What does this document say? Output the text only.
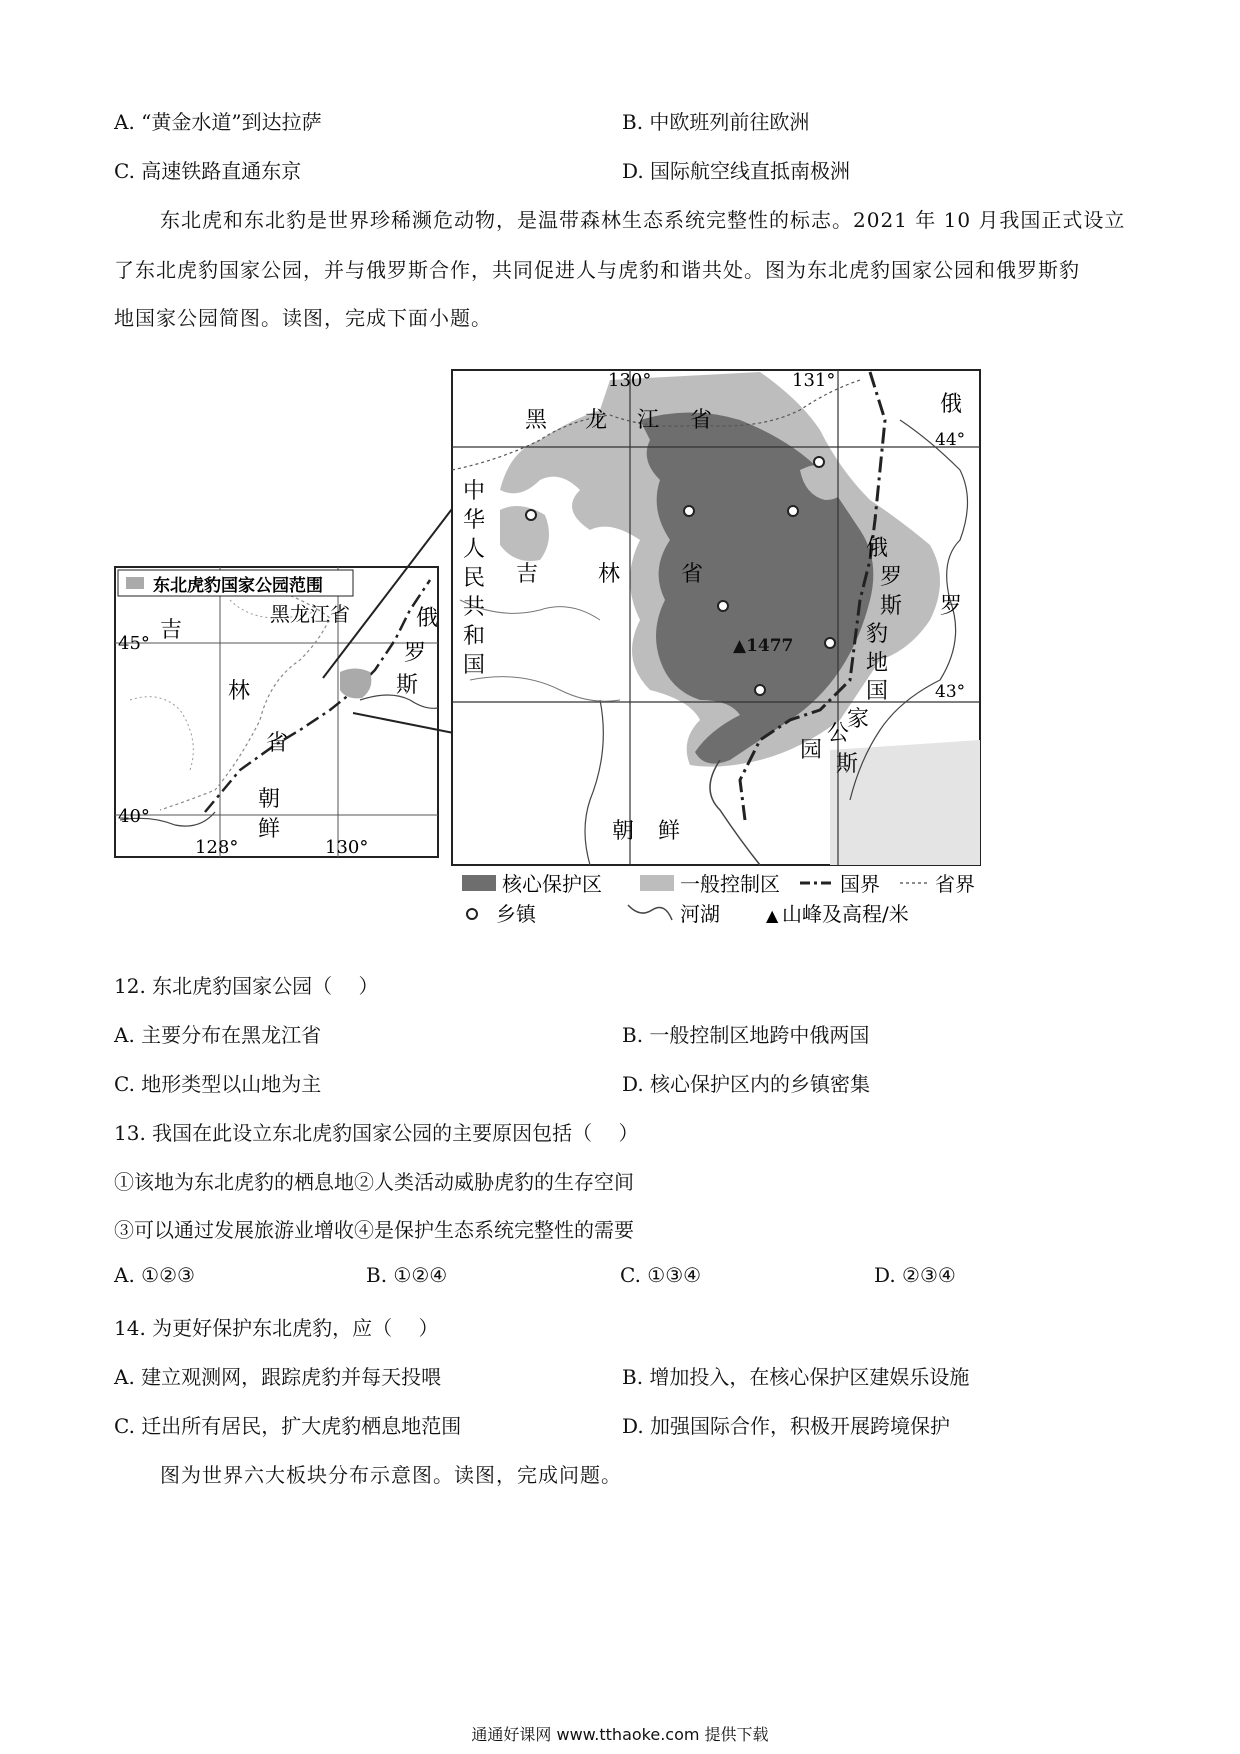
A. “黄金水道”到达拉萨	B. 中欧班列前往欧洲
C. 高速铁路直通东京	D. 国际航空线直抵南极洲
东北虎和东北豹是世界珍稀濒危动物，是温带森林生态系统完整性的标志。2021 年 10 月我国正式设立
了东北虎豹国家公园，并与俄罗斯合作，共同促进人与虎豹和谐共处。图为东北虎豹国家公园和俄罗斯豹
地国家公园简图。读图，完成下面小题。
东北虎豹国家公园范围
吉
林
省
黑龙江省	俄
罗
斯
朝
鲜
45°
40°
128°	130°
130°	131°
44°
43°
黑 龙 江 省
中
华
人
民
共
和
国
吉	林	省
俄
罗
斯
俄
罗
斯
豹
地
国
家
公
园
朝 鲜
▲1477
核心保护区	一般控制区	国界	省界
乡镇	河湖	▲ 山峰及高程/米
12. 东北虎豹国家公园（　 ）
A. 主要分布在黑龙江省	B. 一般控制区地跨中俄两国
C. 地形类型以山地为主	D. 核心保护区内的乡镇密集
13. 我国在此设立东北虎豹国家公园的主要原因包括（　 ）
①该地为东北虎豹的栖息地②人类活动威胁虎豹的生存空间
③可以通过发展旅游业增收④是保护生态系统完整性的需要
A. ①②③	B. ①②④	C. ①③④	D. ②③④
14. 为更好保护东北虎豹，应（　 ）
A. 建立观测网，跟踪虎豹并每天投喂	B. 增加投入，在核心保护区建娱乐设施
C. 迁出所有居民，扩大虎豹栖息地范围	D. 加强国际合作，积极开展跨境保护
图为世界六大板块分布示意图。读图，完成问题。
通通好课网 www.tthaoke.com 提供下载
